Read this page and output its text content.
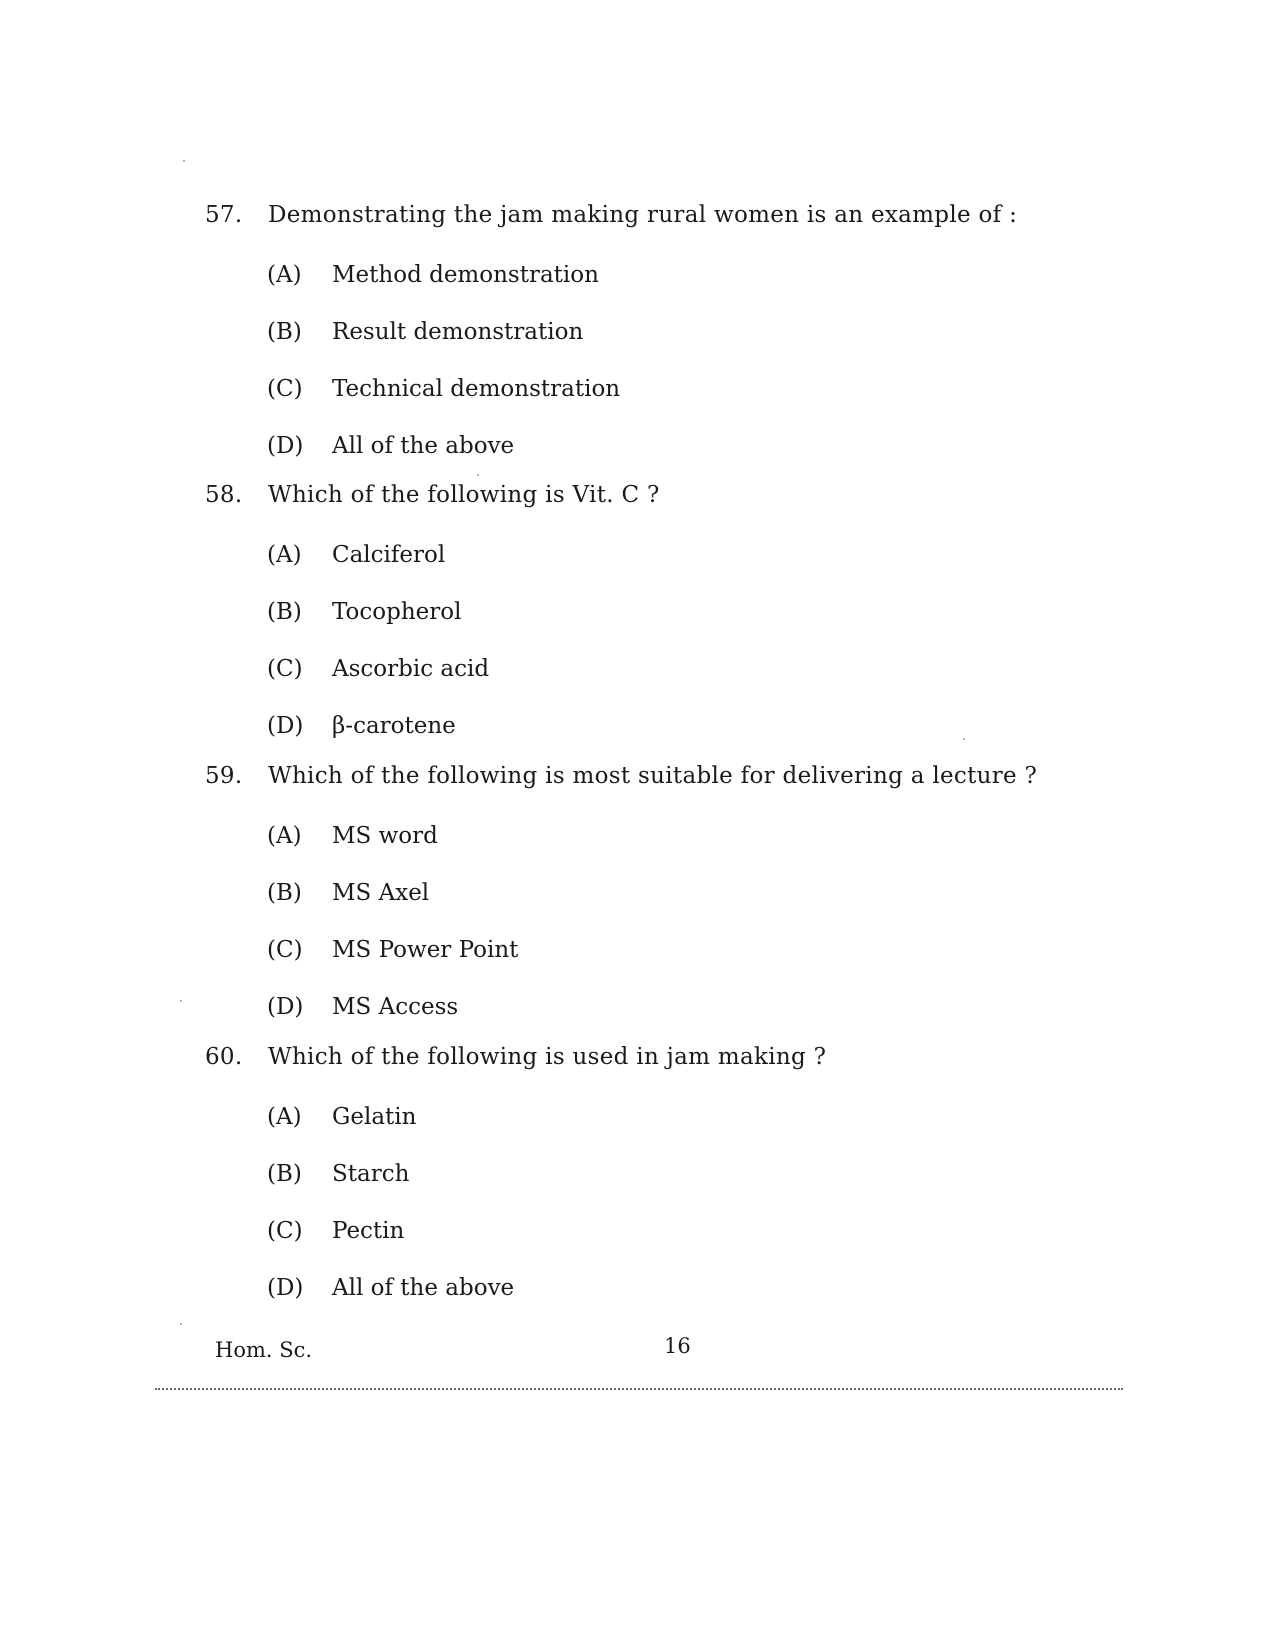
57. Demonstrating the jam making rural women is an example of :
(A) Method demonstration
(B) Result demonstration
(C) Technical demonstration
(D) All of the above
58. Which of the following is Vit. C ?
(A) Calciferol
(B) Tocopherol
(C) Ascorbic acid
(D) β-carotene
59. Which of the following is most suitable for delivering a lecture ?
(A) MS word
(B) MS Axel
(C) MS Power Point
(D) MS Access
60. Which of the following is used in jam making ?
(A) Gelatin
(B) Starch
(C) Pectin
(D) All of the above
Hom. Sc.	16
